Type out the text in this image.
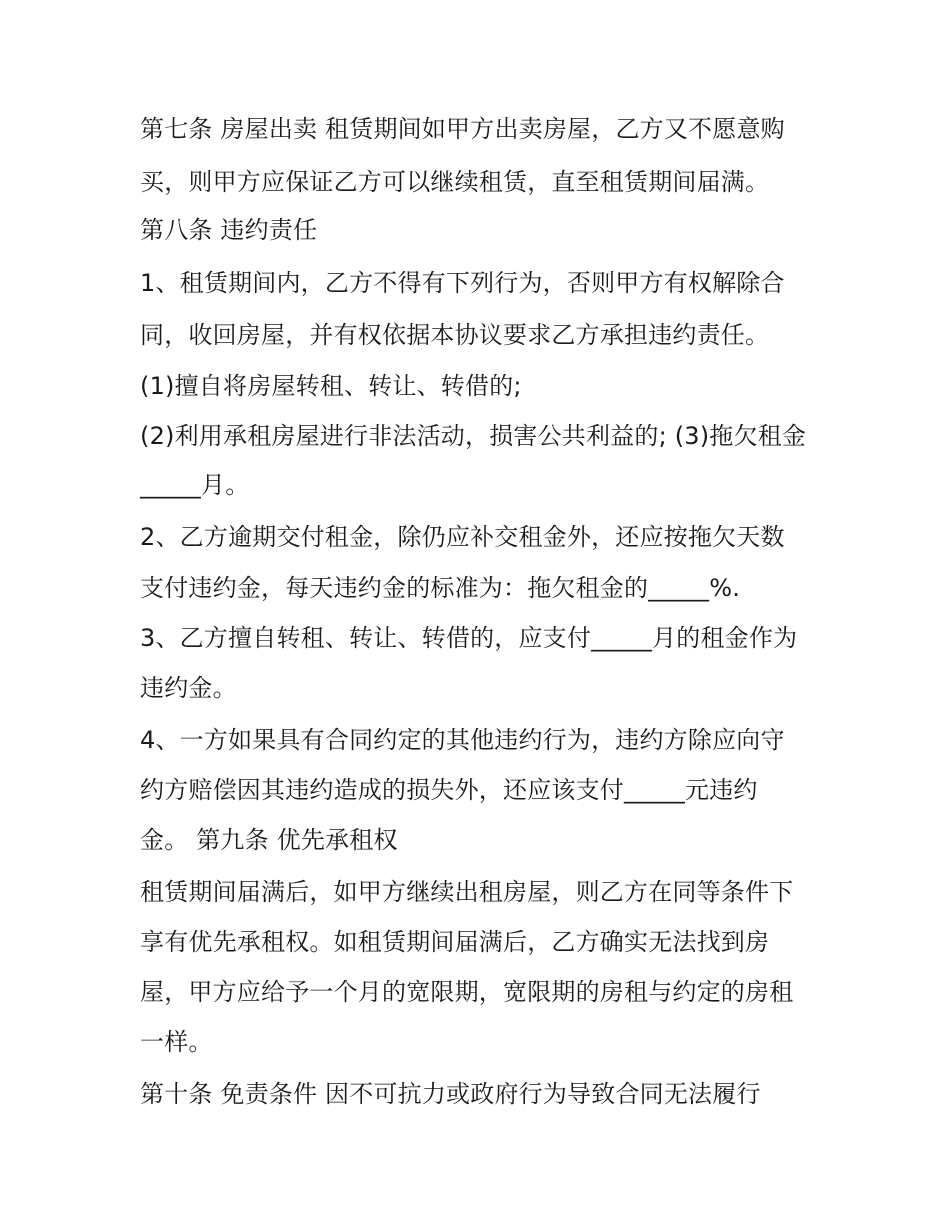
第七条 房屋出卖 租赁期间如甲方出卖房屋，乙方又不愿意购
买，则甲方应保证乙方可以继续租赁，直至租赁期间届满。
第八条 违约责任
1、租赁期间内，乙方不得有下列行为，否则甲方有权解除合
同，收回房屋，并有权依据本协议要求乙方承担违约责任。
(1)擅自将房屋转租、转让、转借的;
(2)利用承租房屋进行非法活动，损害公共利益的; (3)拖欠租金
_____月。
2、乙方逾期交付租金，除仍应补交租金外，还应按拖欠天数
支付违约金，每天违约金的标准为：拖欠租金的_____%.
3、乙方擅自转租、转让、转借的，应支付_____月的租金作为
违约金。
4、一方如果具有合同约定的其他违约行为，违约方除应向守
约方赔偿因其违约造成的损失外，还应该支付_____元违约
金。 第九条 优先承租权
租赁期间届满后，如甲方继续出租房屋，则乙方在同等条件下
享有优先承租权。如租赁期间届满后，乙方确实无法找到房
屋，甲方应给予一个月的宽限期，宽限期的房租与约定的房租
一样。
第十条 免责条件 因不可抗力或政府行为导致合同无法履行
